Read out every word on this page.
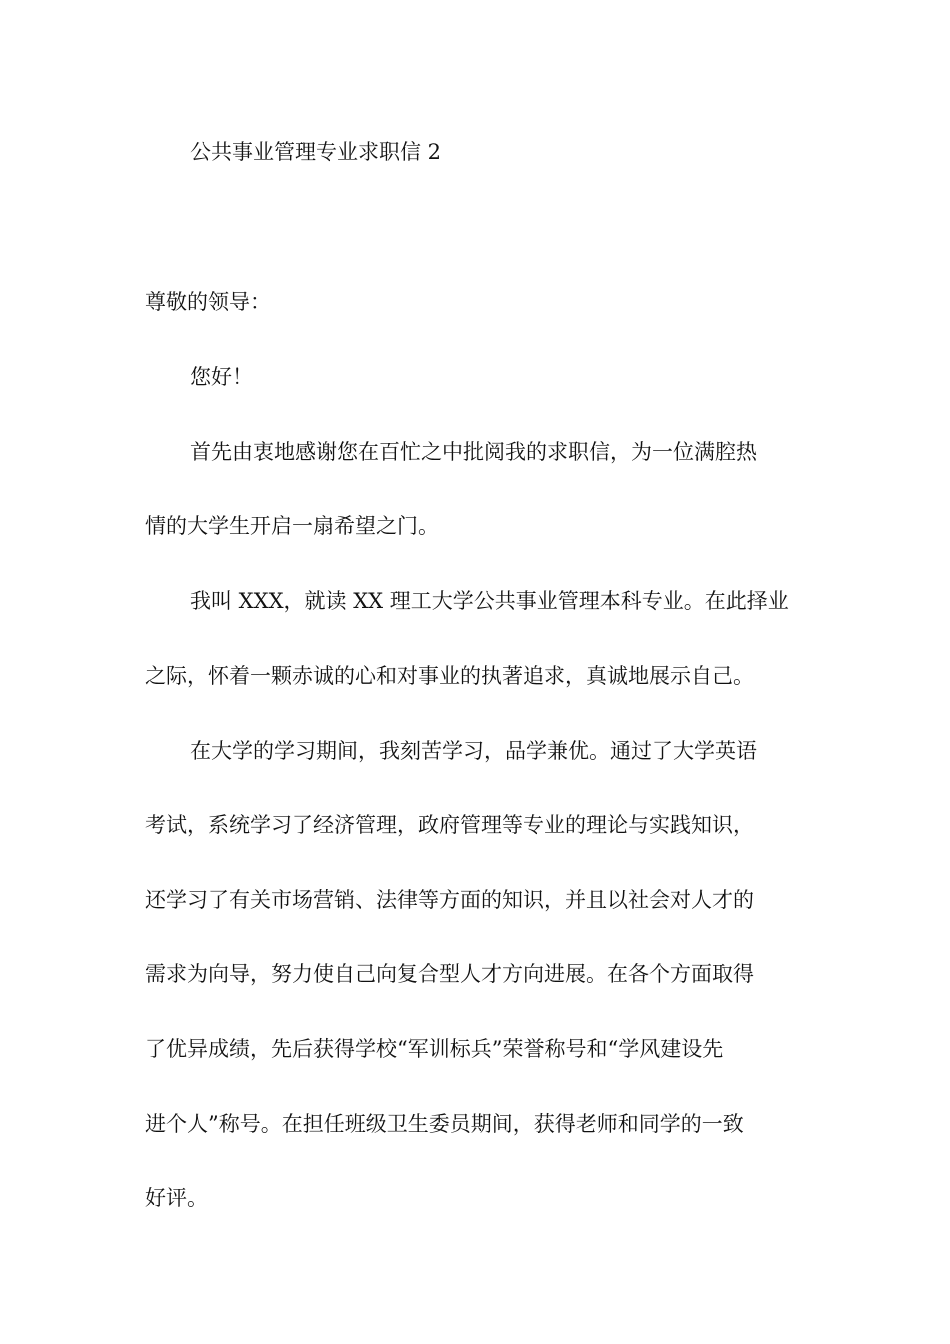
公共事业管理专业求职信 2
尊敬的领导：
您好！
首先由衷地感谢您在百忙之中批阅我的求职信，为一位满腔热
情的大学生开启一扇希望之门。
我叫 XXX，就读 XX 理工大学公共事业管理本科专业。在此择业
之际，怀着一颗赤诚的心和对事业的执著追求，真诚地展示自己。
在大学的学习期间，我刻苦学习，品学兼优。通过了大学英语
考试，系统学习了经济管理，政府管理等专业的理论与实践知识，
还学习了有关市场营销、法律等方面的知识，并且以社会对人才的
需求为向导，努力使自己向复合型人才方向进展。在各个方面取得
了优异成绩，先后获得学校“军训标兵”荣誉称号和“学风建设先
进个人”称号。在担任班级卫生委员期间，获得老师和同学的一致
好评。
